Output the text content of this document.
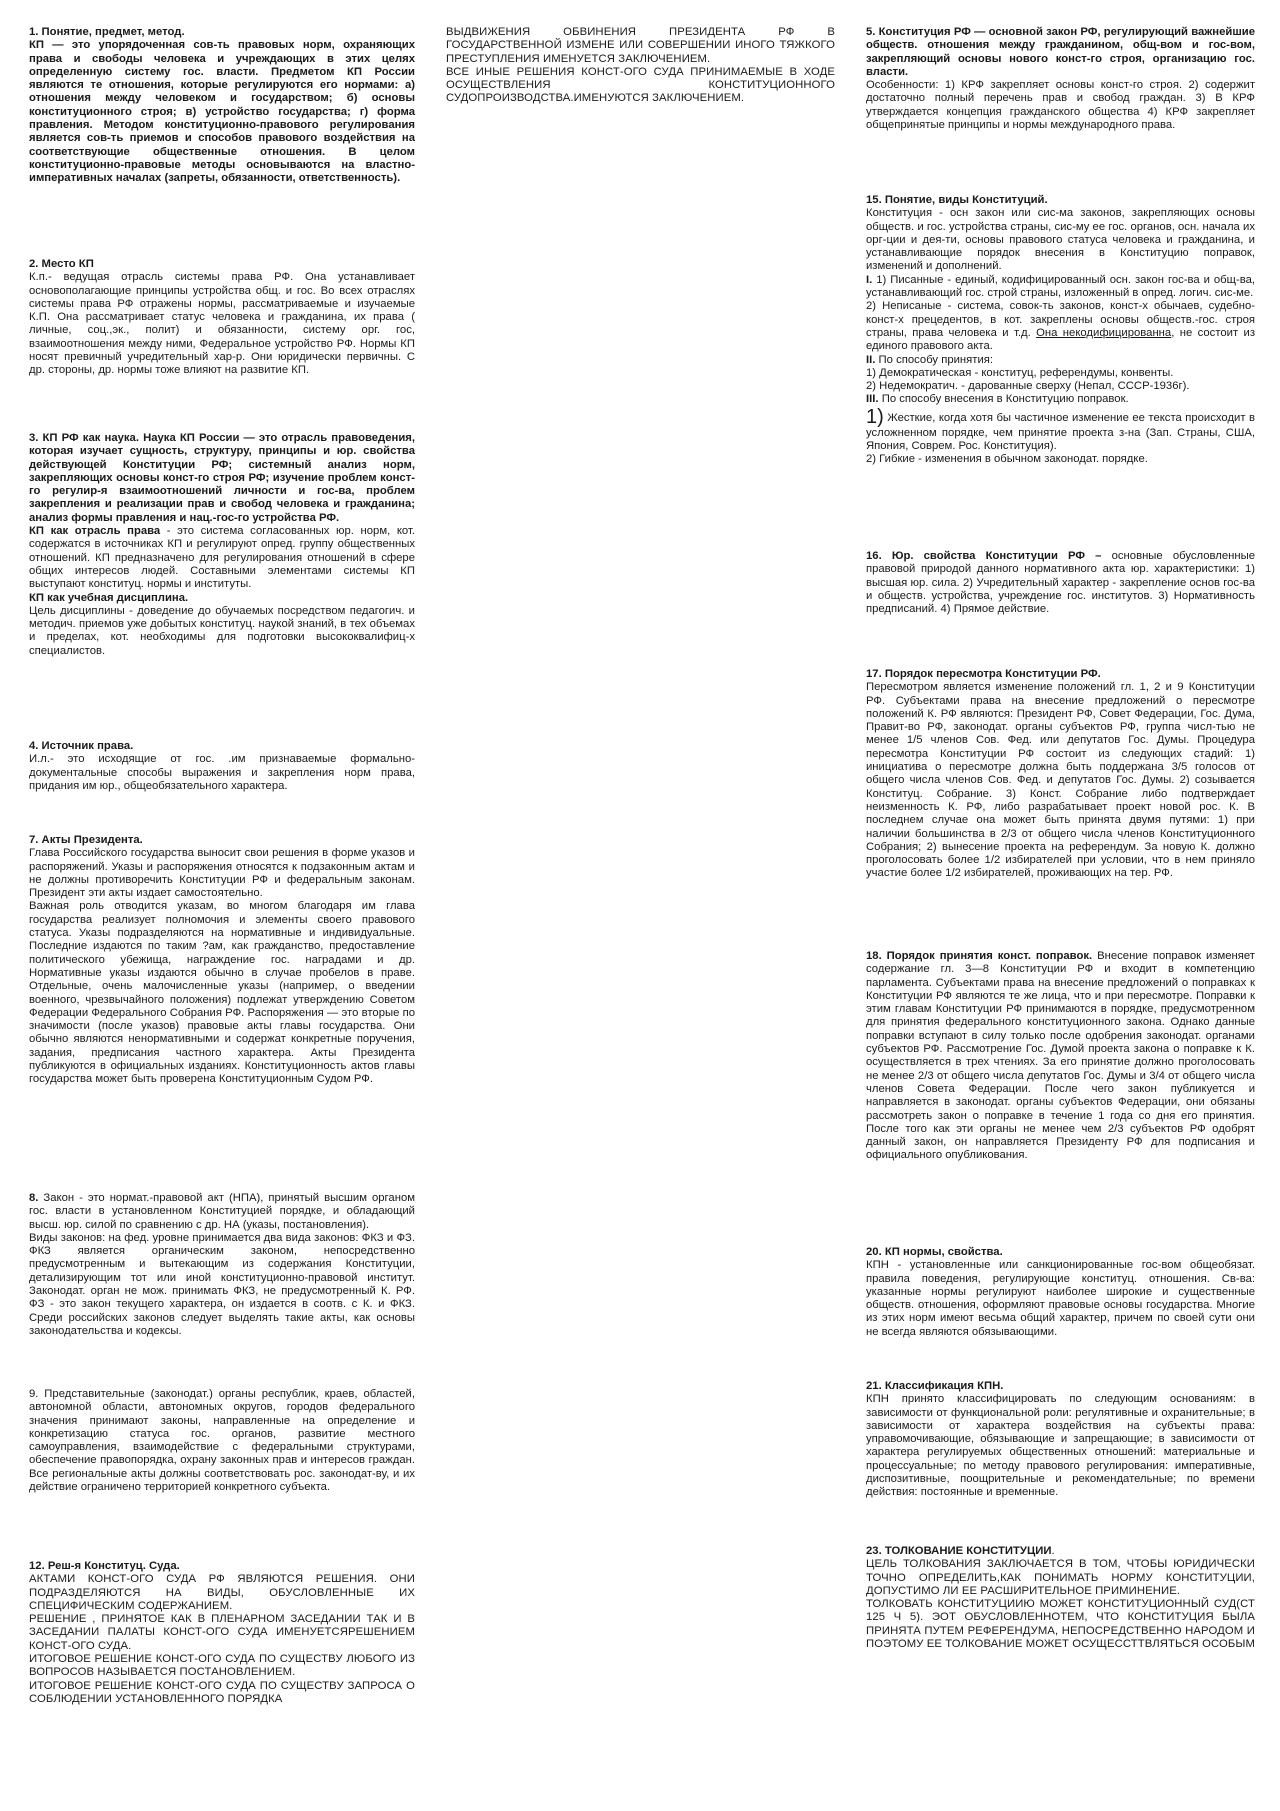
1. Понятие, предмет, метод.

КП — это упорядоченная сов-ть правовых норм, охраняющих права и свободы человека и учреждающих в этих целях определенную систему гос. власти. Предметом КП России являются те отношения, которые регулируются его нормами: а) отношения между человеком и государством; б) основы конституционного строя; в) устройство государства; г) форма правления. Методом конституционно-правового регулирования является сов-ть приемов и способов правового воздействия на соответствующие общественные отношения. В целом конституционно-правовые методы основываются на властно-императивных началах (запреты, обязанности, ответственность).

2. Место КП

К.п.- ведущая отрасль системы права РФ. Она устанавливает основополагающие принципы устройства общ. и гос. Во всех отраслях системы права РФ отражены нормы, рассматриваемые и изучаемые К.П. Она рассматривает статус человека и гражданина, их права ( личные, соц.,эк., полит) и обязанности, систему орг. гос, взаимоотношения между ними, Федеральное устройство РФ. Нормы КП носят превичный учредительный хар-р. Они юридически первичны. С др. стороны, др. нормы тоже влияют на развитие КП.

3. КП РФ как наука. Наука КП России — это отрасль правоведения, которая изучает сущность, структуру, принципы и юр. свойства действующей Конституции РФ; системный анализ норм, закрепляющих основы конст-го строя РФ; изучение проблем конст-го регулир-я взаимоотношений личности и гос-ва, проблем закрепления и реализации прав и свобод человека и гражданина; анализ формы правления и нац.-гос-го устройства РФ.

КП как отрасль права - это система согласованных юр. норм, кот. содержатся в источниках КП и регулируют опред. группу общественных отношений. КП предназначено для регулирования отношений в сфере общих интересов людей. Составными элементами системы КП выступают конституц. нормы и институты.

КП как учебная дисциплина.

Цель дисциплины - доведение до обучаемых посредством педагогич. и методич. приемов уже добытых конституц. наукой знаний, в тех объемах и пределах, кот. необходимы для подготовки высококвалифиц-х специалистов.

4. Источник права.

И.л.- это исходящие от гос. .им признаваемые формально-документальные способы выражения и закрепления норм права, придания им юр., общеобязательного характера.

7. Акты Президента.

Глава Российского государства выносит свои решения в форме указов и распоряжений. Указы и распоряжения относятся к подзаконным актам и не должны противоречить Конституции РФ и федеральным законам. Президент эти акты издает самостоятельно.

Важная роль отводится указам, во многом благодаря им глава государства реализует полномочия и элементы своего правового статуса. Указы подразделяются на нормативные и индивидуальные. Последние издаются по таким ?ам, как гражданство, предоставление политического убежища, награждение гос. наградами и др. Нормативные указы издаются обычно в случае пробелов в праве. Отдельные, очень малочисленные указы (например, о введении военного, чрезвычайного положения) подлежат утверждению Советом Федерации Федерального Собрания РФ. Распоряжения — это вторые по значимости (после указов) правовые акты главы государства. Они обычно являются ненормативными и содержат конкретные поручения, задания, предписания частного характера. Акты Президента публикуются в официальных изданиях. Конституционность актов главы государства может быть проверена Конституционным Судом РФ.

8. Закон - это нормат.-правовой акт (НПА), принятый высшим органом гос. власти в установленном Конституцией порядке, и обладающий высш. юр. силой по сравнению с др. НА (указы, постановления).

Виды законов: на фед. уровне принимается два вида законов: ФКЗ и ФЗ. ФКЗ является органическим законом, непосредственно предусмотренным и вытекающим из содержания Конституции, детализирующим тот или иной конституционно-правовой институт. Законодат. орган не мож. принимать ФКЗ, не предусмотренный К. РФ. ФЗ - это закон текущего характера, он издается в соотв. с К. и ФКЗ. Среди российских законов следует выделять такие акты, как основы законодательства и кодексы.

9. Представительные (законодат.) органы республик, краев, областей, автономной области, автономных округов, городов федерального значения принимают законы, направленные на определение и конкретизацию статуса гос. органов, развитие местного самоуправления, взаимодействие с федеральными структурами, обеспечение правопорядка, охрану законных прав и интересов граждан. Все региональные акты должны соответствовать рос. законодат-ву, и их действие ограничено территорией конкретного субъекта.

12. Реш-я Конституц. Суда.

АКТАМИ КОНСТ-ОГО СУДА РФ ЯВЛЯЮТСЯ РЕШЕНИЯ. ОНИ ПОДРАЗДЕЛЯЮТСЯ НА ВИДЫ, ОБУСЛОВЛЕННЫЕ ИХ СПЕЦИФИЧЕСКИМ СОДЕРЖАНИЕМ.

РЕШЕНИЕ , ПРИНЯТОЕ КАК В ПЛЕНАРНОМ ЗАСЕДАНИИ ТАК И В ЗАСЕДАНИИ ПАЛАТЫ КОНСТ-ОГО СУДА ИМЕНУЕТСЯРЕШЕНИЕМ КОНСТ-ОГО СУДА.

ИТОГОВОЕ РЕШЕНИЕ КОНСТ-ОГО СУДА ПО СУЩЕСТВУ ЛЮБОГО ИЗ ВОПРОСОВ НАЗЫВАЕТСЯ ПОСТАНОВЛЕНИЕМ.

ИТОГОВОЕ РЕШЕНИЕ КОНСТ-ОГО СУДА ПО СУЩЕСТВУ ЗАПРОСА О СОБЛЮДЕНИИ УСТАНОВЛЕННОГО ПОРЯДКА

ВЫДВИЖЕНИЯ ОБВИНЕНИЯ ПРЕЗИДЕНТА РФ В ГОСУДАРСТВЕННОЙ ИЗМЕНЕ ИЛИ СОВЕРШЕНИИ ИНОГО ТЯЖКОГО ПРЕСТУПЛЕНИЯ ИМЕНУЕТСЯ ЗАКЛЮЧЕНИЕМ.

ВСЕ ИНЫЕ РЕШЕНИЯ КОНСТ-ОГО СУДА ПРИНИМАЕМЫЕ В ХОДЕ ОСУЩЕСТВЛЕНИЯ КОНСТИТУЦИОННОГО СУДОПРОИЗВОДСТВА.ИМЕНУЮТСЯ ЗАКЛЮЧЕНИЕМ.

5. Конституция РФ — основной закон РФ, регулирующий важнейшие обществ. отношения между гражданином, общ-вом и гос-вом, закрепляющий основы нового конст-го строя, организацию гос. власти.

Особенности: 1) КРФ закрепляет основы конст-го строя. 2) содержит достаточно полный перечень прав и свобод граждан. 3) В КРФ утверждается концепция гражданского общества 4) КРФ закрепляет общепринятые принципы и нормы международного права.

15. Понятие, виды Конституций.

Конституция - осн закон или сис-ма законов, закрепляющих основы обществ. и гос. устройства страны, сис-му ее гос. органов, осн. начала их орг-ции и дея-ти, основы правового статуса человека и гражданина, и устанавливающие порядок внесения в Конституцию поправок, изменений и дополнений.

I. 1) Писанные - единый, кодифицированный осн. закон гос-ва и общ-ва, устанавливающий гос. строй страны, изложенный в опред. логич. сис-ме.

2) Неписаные - система, совок-ть законов, конст-х обычаев, судебно-конст-х прецедентов, в кот. закреплены основы обществ.-гос. строя страны, права человека и т.д. Она некодифицированна, не состоит из единого правового акта.

II. По способу принятия:

1) Демократическая - конституц, референдумы, конвенты.

2) Недемократич. - дарованные сверху (Непал, СССР-1936г).

III. По способу внесения в Конституцию поправок.

1) Жесткие, когда хотя бы частичное изменение ее текста происходит в усложненном порядке, чем принятие проекта з-на (Зап. Страны, США, Япония, Соврем. Рос. Конституция).

2) Гибкие - изменения в обычном законодат. порядке.

16. Юр. свойства Конституции РФ – основные обусловленные правовой природой данного нормативного акта юр. характеристики: 1) высшая юр. сила. 2) Учредительный характер - закрепление основ гос-ва и обществ. устройства, учреждение гос. институтов. 3) Нормативность предписаний. 4) Прямое действие.

17. Порядок пересмотра Конституции РФ.

Пересмотром является изменение положений гл. 1, 2 и 9 Конституции РФ. Субъектами права на внесение предложений о пересмотре положений К. РФ являются: Президент РФ, Совет Федерации, Гос. Дума, Правит-во РФ, законодат. органы субъектов РФ, группа числ-тью не менее 1/5 членов Сов. Фед. или депутатов Гос. Думы. Процедура пересмотра Конституции РФ состоит из следующих стадий: 1) инициатива о пересмотре должна быть поддержана 3/5 голосов от общего числа членов Сов. Фед. и депутатов Гос. Думы. 2) созывается Конституц. Собрание. 3) Конст. Собрание либо подтверждает неизменность К. РФ, либо разрабатывает проект новой рос. К. В последнем случае она может быть принята двумя путями: 1) при наличии большинства в 2/3 от общего числа членов Конституционного Собрания; 2) вынесение проекта на референдум. За новую К. должно проголосовать более 1/2 избирателей при условии, что в нем приняло участие более 1/2 избирателей, проживающих на тер. РФ.

18. Порядок принятия конст. поправок. Внесение поправок изменяет содержание гл. 3—8 Конституции РФ и входит в компетенцию парламента. Субъектами права на внесение предложений о поправках к Конституции РФ являются те же лица, что и при пересмотре. Поправки к этим главам Конституции РФ принимаются в порядке, предусмотренном для принятия федерального конституционного закона. Однако данные поправки вступают в силу только после одобрения законодат. органами субъектов РФ. Рассмотрение Гос. Думой проекта закона о поправке к К. осуществляется в трех чтениях. За его принятие должно проголосовать не менее 2/3 от общего числа депутатов Гос. Думы и 3/4 от общего числа членов Совета Федерации. После чего закон публикуется и направляется в законодат. органы субъектов Федерации, они обязаны рассмотреть закон о поправке в течение 1 года со дня его принятия. После того как эти органы не менее чем 2/3 субъектов РФ одобрят данный закон, он направляется Президенту РФ для подписания и официального опубликования.

20. КП нормы, свойства.

КПН - установленные или санкционированные гос-вом общеобязат. правила поведения, регулирующие конституц. отношения. Св-ва: указанные нормы регулируют наиболее широкие и существенные обществ. отношения, оформляют правовые основы государства. Многие из этих норм имеют весьма общий характер, причем по своей сути они не всегда являются обязывающими.

21. Классификация КПН.

КПН принято классифицировать по следующим основаниям: в зависимости от функциональной роли: регулятивные и охранительные; в зависимости от характера воздействия на субъекты права: управомочивающие, обязывающие и запрещающие; в зависимости от характера регулируемых общественных отношений: материальные и процессуальные; по методу правового регулирования: императивные, диспозитивные, поощрительные и рекомендательные; по времени действия: постоянные и временные.

23. ТОЛКОВАНИЕ КОНСТИТУЦИИ.

ЦЕЛЬ ТОЛКОВАНИЯ ЗАКЛЮЧАЕТСЯ В ТОМ, ЧТОБЫ ЮРИДИЧЕСКИ ТОЧНО ОПРЕДЕЛИТЬ,КАК ПОНИМАТЬ НОРМУ КОНСТИТУЦИИ, ДОПУСТИМО ЛИ ЕЕ РАСШИРИТЕЛЬНОЕ ПРИМИНЕНИЕ.

ТОЛКОВАТЬ КОНСТИТУЦИИЮ МОЖЕТ КОНСТИТУЦИОННЫЙ СУД(СТ 125 Ч 5). ЭОТ ОБУСЛОВЛЕННОТЕМ, ЧТО КОНСТИТУЦИЯ БЫЛА ПРИНЯТА ПУТЕМ РЕФЕРЕНДУМА, НЕПОСРЕДСТВЕННО НАРОДОМ И ПОЭТОМУ ЕЕ ТОЛКОВАНИЕ МОЖЕТ ОСУЩЕССТТВЛЯТЬСЯ ОСОБЫМ
